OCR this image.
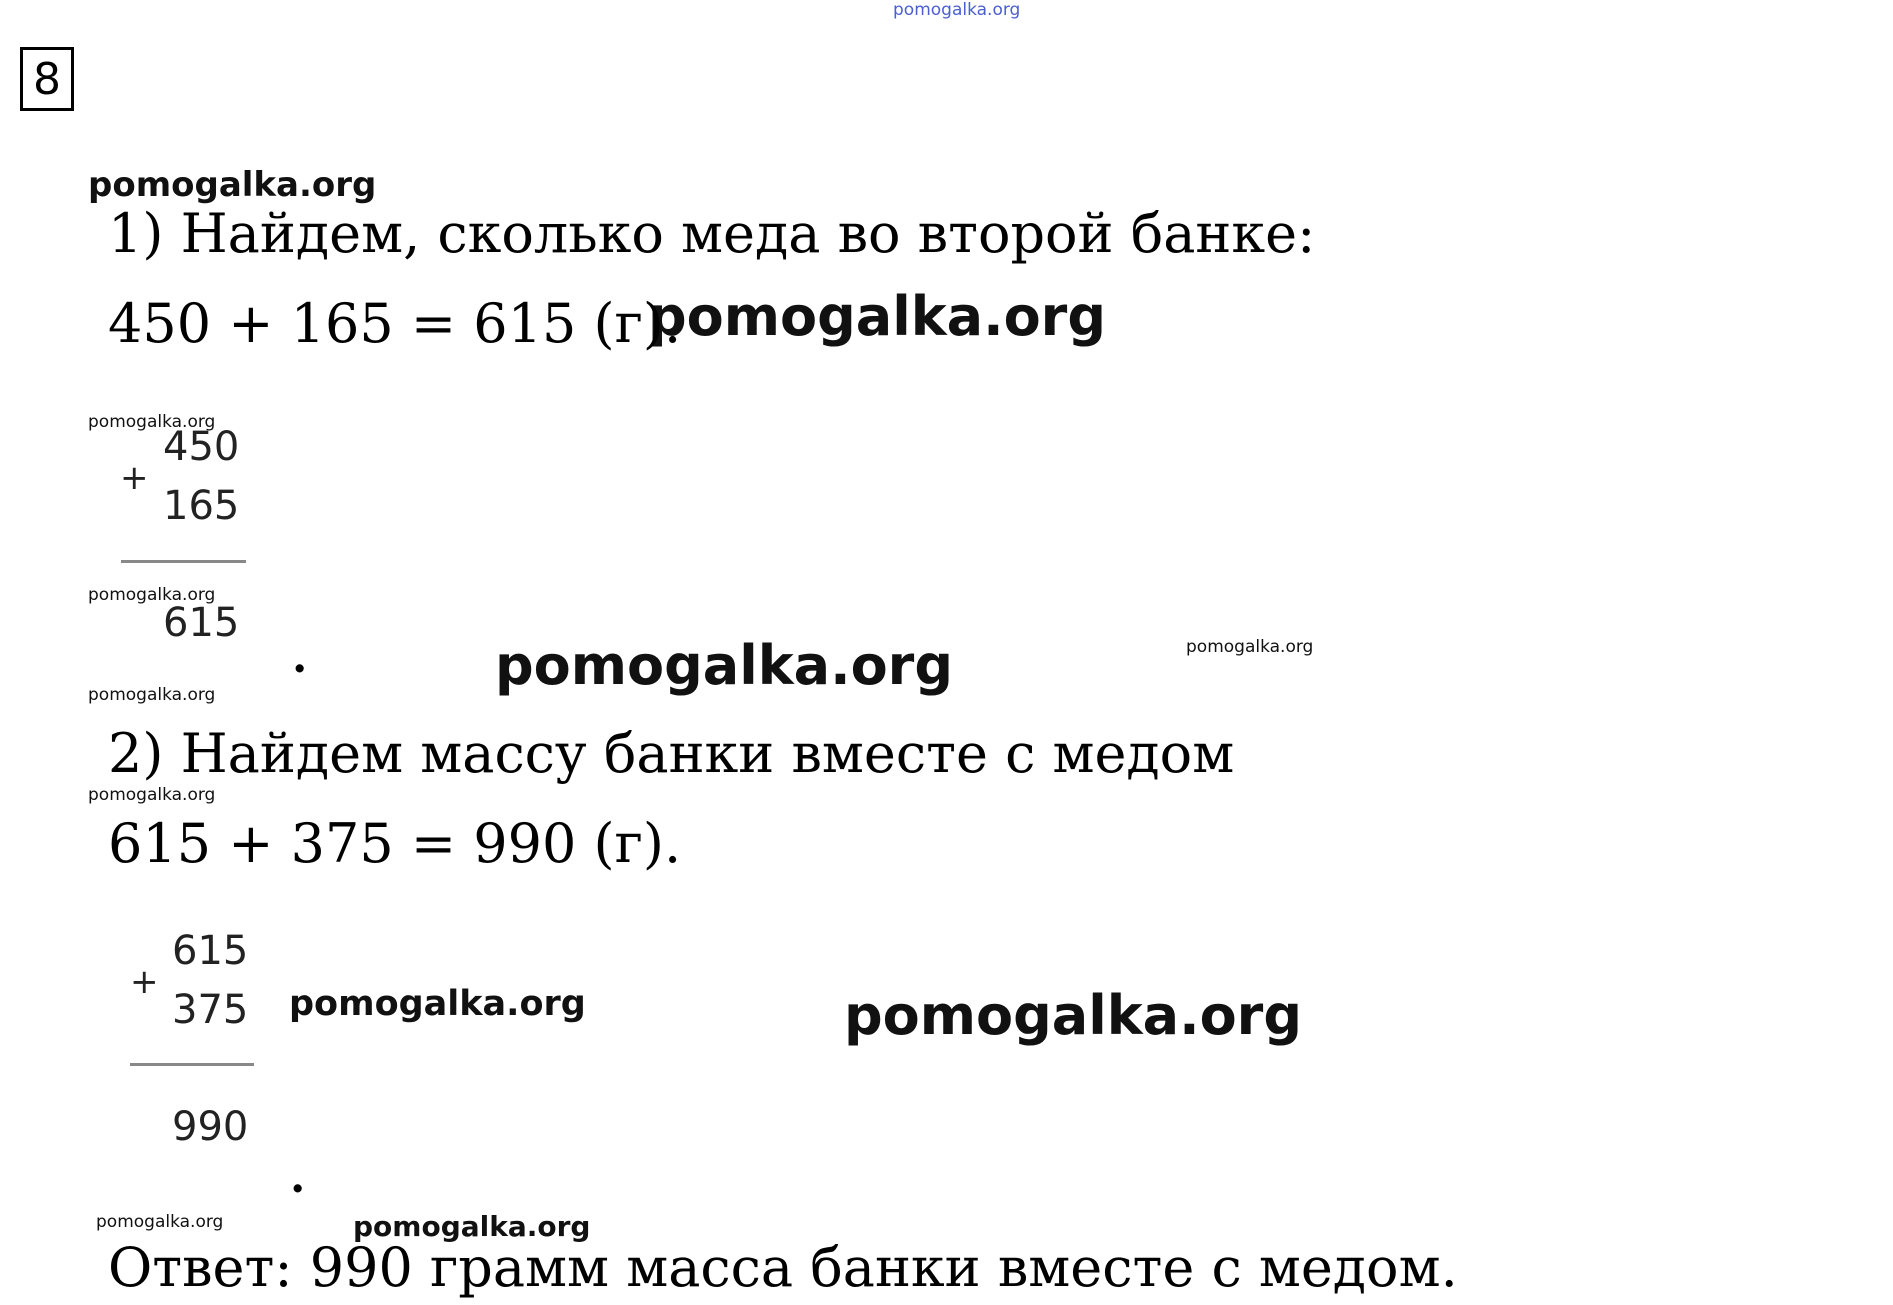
pomogalka.org
pomogalka.org
pomogalka.org
pomogalka.org
pomogalka.org
pomogalka.org	pomogalka.org
pomogalka.org
pomogalka.org
pomogalka.org	pomogalka.org
pomogalka.org	pomogalka.org
8
1) Найдем, сколько меда во второй банке:
450 + 165 = 615 (г).
450
+
165
615
.
2) Найдем массу банки вместе с медом
615 + 375 = 990 (г).
615
+
375
990
.
Ответ: 990 грамм масса банки вместе с медом.
